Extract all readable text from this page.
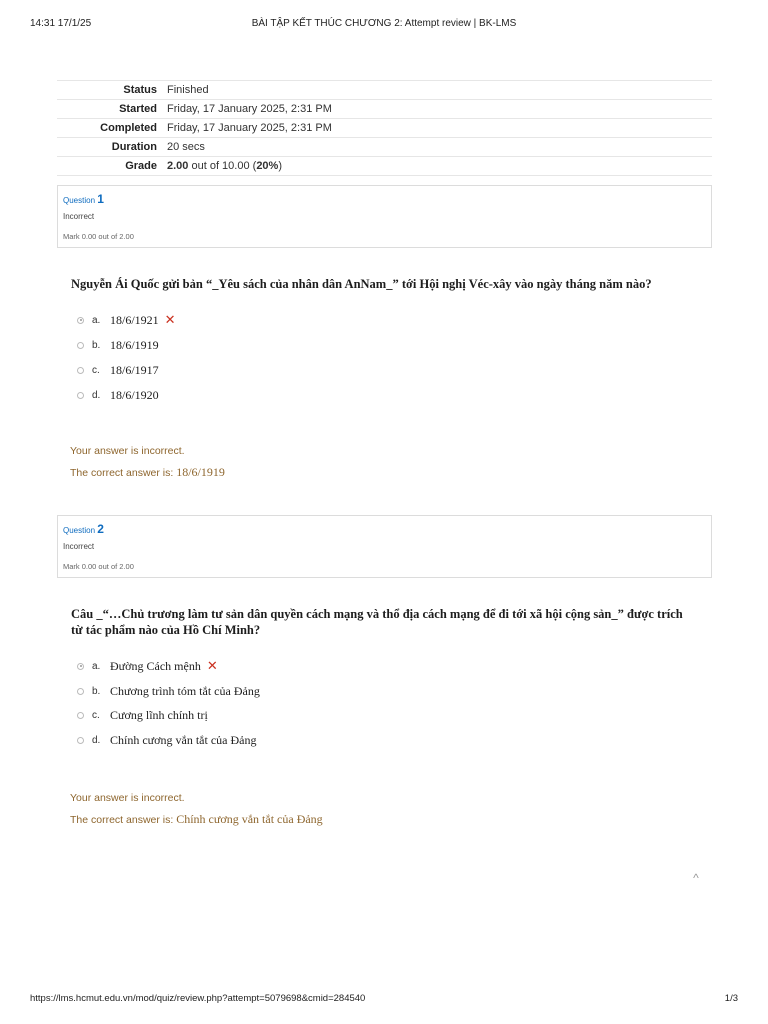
14:31 17/1/25	BÀI TẬP KẾT THÚC CHƯƠNG 2: Attempt review | BK-LMS
Status	Finished
Started	Friday, 17 January 2025, 2:31 PM
Completed	Friday, 17 January 2025, 2:31 PM
Duration	20 secs
Grade	2.00 out of 10.00 (20%)
Question 1
Incorrect
Mark 0.00 out of 2.00
Nguyễn Ái Quốc gửi bản “_Yêu sách của nhân dân AnNam_” tới Hội nghị Véc-xây vào ngày tháng năm nào?
a. 18/6/1921 ✕
b. 18/6/1919
c. 18/6/1917
d. 18/6/1920
Your answer is incorrect.
The correct answer is: 18/6/1919
Question 2
Incorrect
Mark 0.00 out of 2.00
Câu _“…Chủ trương làm tư sản dân quyền cách mạng và thổ địa cách mạng để đi tới xã hội cộng sản_” được trích từ tác phẩm nào của Hồ Chí Minh?
a. Đường Cách mệnh ✕
b. Chương trình tóm tắt của Đảng
c. Cương lĩnh chính trị
d. Chính cương vắn tắt của Đảng
Your answer is incorrect.
The correct answer is: Chính cương vắn tắt của Đảng
^
https://lms.hcmut.edu.vn/mod/quiz/review.php?attempt=5079698&cmid=284540	1/3
